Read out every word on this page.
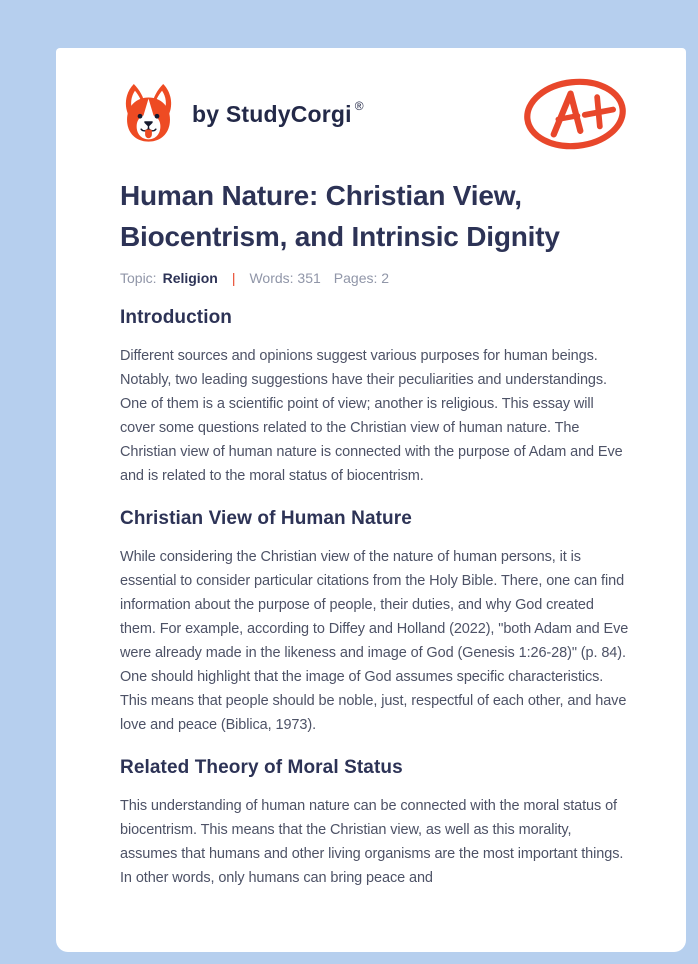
by StudyCorgi ®
Human Nature: Christian View, Biocentrism, and Intrinsic Dignity
Topic: Religion | Words: 351 Pages: 2
Introduction

Different sources and opinions suggest various purposes for human beings. Notably, two leading suggestions have their peculiarities and understandings. One of them is a scientific point of view; another is religious. This essay will cover some questions related to the Christian view of human nature. The Christian view of human nature is connected with the purpose of Adam and Eve and is related to the moral status of biocentrism.

Christian View of Human Nature

While considering the Christian view of the nature of human persons, it is essential to consider particular citations from the Holy Bible. There, one can find information about the purpose of people, their duties, and why God created them. For example, according to Diffey and Holland (2022), "both Adam and Eve were already made in the likeness and image of God (Genesis 1:26-28)" (p. 84). One should highlight that the image of God assumes specific characteristics. This means that people should be noble, just, respectful of each other, and have love and peace (Biblica, 1973).

Related Theory of Moral Status

This understanding of human nature can be connected with the moral status of biocentrism. This means that the Christian view, as well as this morality, assumes that humans and other living organisms are the most important things. In other words, only humans can bring peace and
